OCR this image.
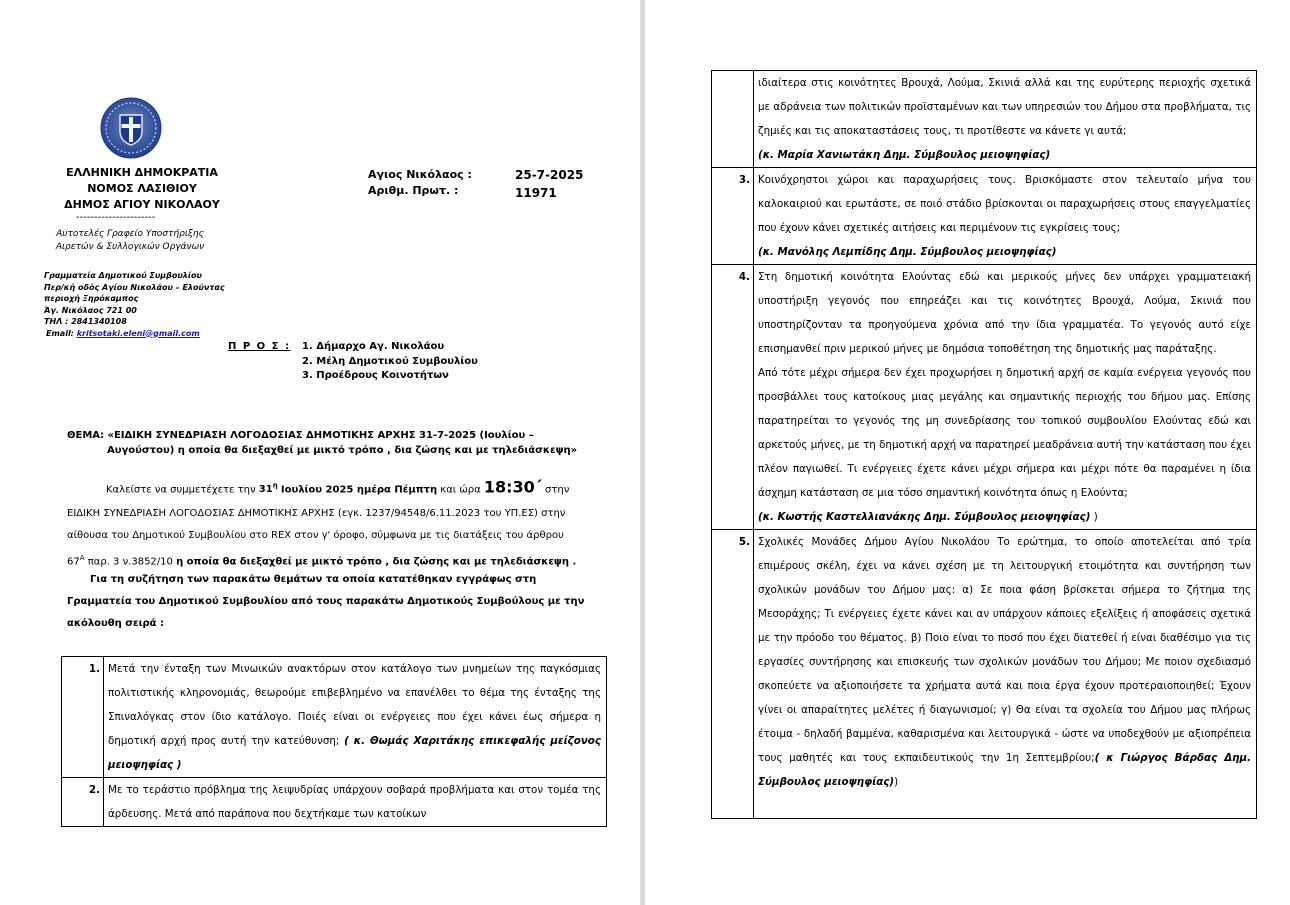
ΕΛΛΗΝΙΚΗ ΔΗΜΟΚΡΑΤΙΑ
ΝΟΜΟΣ ΛΑΣΙΘΙΟΥ
ΔΗΜΟΣ ΑΓΙΟΥ ΝΙΚΟΛΑΟΥ
----------------------
Αυτοτελές Γραφείο Υποστήριξης
Αιρετών & Συλλογικών Οργάνων
Γραμματεία Δημοτικού Συμβουλίου
Περ/κή οδός Αγίου Νικολάου – Ελούντας
περιοχή Ξηρόκαμπος
Άγ. Νικόλαος 721 00
ΤΗΛ : 2841340108
Email: kritsotaki.eleni@gmail.com
Αγιος Νικόλαος :	25-7-2025
Αριθμ. Πρωτ. :	11971
Π Ρ Ο Σ : 1. Δήμαρχο Αγ. Νικολάου
2. Μέλη Δημοτικού Συμβουλίου
3. Προέδρους Κοινοτήτων
ΘΕΜΑ: «ΕΙΔΙΚΗ ΣΥΝΕΔΡΙΑΣΗ ΛΟΓΟΔΟΣΙΑΣ ΔΗΜΟΤΙΚΗΣ ΑΡΧΗΣ 31-7-2025 (Ιουλίου –
Αυγούστου) η οποία θα διεξαχθεί με μικτό τρόπο , δια ζώσης και με τηλεδιάσκεψη»
Καλείστε να συμμετέχετε την $31^\eta$ Ιουλίου 2025 ημέρα Πέμπτη και ώρα 18:30΄ στην
ΕΙΔΙΚΗ ΣΥΝΕΔΡΙΑΣΗ ΛΟΓΟΔΟΣΙΑΣ ΔΗΜΟΤΙΚΗΣ ΑΡΧΗΣ (εγκ. 1237/94548/6.11.2023 του ΥΠ.ΕΣ) στην
αίθουσα του Δημοτικού Συμβουλίου στο REX στον γ' όροφο, σύμφωνα με τις διατάξεις του άρθρου
$67^A$ παρ. 3 ν.3852/10 η οποία θα διεξαχθεί με μικτό τρόπο , δια ζώσης και με τηλεδιάσκεψη .
Για τη συζήτηση των παρακάτω θεμάτων τα οποία κατατέθηκαν εγγράφως στη
Γραμματεία του Δημοτικού Συμβουλίου από τους παρακάτω Δημοτικούς Συμβούλους με την
ακόλουθη σειρά :
1.	Μετά την ένταξη των Μινωικών ανακτόρων στον κατάλογο των μνημείων της παγκόσμιας πολιτιστικής κληρονομιάς, θεωρούμε επιβεβλημένο να επανέλθει το θέμα της ένταξης της Σπιναλόγκας στον ίδιο κατάλογο. Ποιές είναι οι ενέργειες που έχει κάνει έως σήμερα η δημοτική αρχή προς αυτή την κατεύθυνση; ( κ. Θωμάς Χαριτάκης επικεφαλής μείζονος μειοψηφίας )
2.	Με το τεράστιο πρόβλημα της λειψυδρίας υπάρχουν σοβαρά προβλήματα και στον τομέα της άρδευσης. Μετά από παράπονα που δεχτήκαμε των κατοίκων
	ιδιαίτερα στις κοινότητες Βρουχά, Λούμα, Σκινιά αλλά και της ευρύτερης περιοχής σχετικά με αδράνεια των πολιτικών προϊσταμένων και των υπηρεσιών του Δήμου στα προβλήματα, τις ζημιές και τις αποκαταστάσεις τους, τι προτίθεστε να κάνετε γι αυτά;
(κ. Μαρία Χανιωτάκη Δημ. Σύμβουλος μειοψηφίας)
3.	Κοινόχρηστοι χώροι και παραχωρήσεις τους. Βρισκόμαστε στον τελευταίο μήνα του καλοκαιριού και ερωτάστε, σε ποιό στάδιο βρίσκονται οι παραχωρήσεις στους επαγγελματίες που έχουν κάνει σχετικές αιτήσεις και περιμένουν τις εγκρίσεις τους;
(κ. Μανόλης Λεμπίδης Δημ. Σύμβουλος μειοψηφίας)
4.	Στη δημοτική κοινότητα Ελούντας εδώ και μερικούς μήνες δεν υπάρχει γραμματειακή υποστήριξη γεγονός που επηρεάζει και τις κοινότητες Βρουχά, Λούμα, Σκινιά που υποστηρίζονταν τα προηγούμενα χρόνια από την ίδια γραμματέα. Το γεγονός αυτό είχε επισημανθεί πριν μερικού μήνες με δημόσια τοποθέτηση της δημοτικής μας παράταξης.
Από τότε μέχρι σήμερα δεν έχει προχωρήσει η δημοτική αρχή σε καμία ενέργεια γεγονός που προσβάλλει τους κατοίκους μιας μεγάλης και σημαντικής περιοχής του δήμου μας. Επίσης παρατηρείται το γεγονός της μη συνεδρίασης του τοπικού συμβουλίου Ελούντας εδώ και αρκετούς μήνες, με τη δημοτική αρχή να παρατηρεί μεαδράνεια αυτή την κατάσταση που έχει πλέον παγιωθεί. Τι ενέργειες έχετε κάνει μέχρι σήμερα και μέχρι πότε θα παραμένει η ίδια άσχημη κατάσταση σε μια τόσο σημαντική κοινότητα όπως η Ελούντα;
(κ. Κωστής Καστελλιανάκης Δημ. Σύμβουλος μειοψηφίας) )
5.	Σχολικές Μονάδες Δήμου Αγίου Νικολάου Το ερώτημα, το οποίο αποτελείται από τρία επιμέρους σκέλη, έχει να κάνει σχέση με τη λειτουργική ετοιμότητα και συντήρηση των σχολικών μονάδων του Δήμου μας: α) Σε ποια φάση βρίσκεται σήμερα το ζήτημα της Μεσοράχης; Τι ενέργειες έχετε κάνει και αν υπάρχουν κάποιες εξελίξεις ή αποφάσεις σχετικά με την πρόοδο του θέματος. β) Ποιο είναι το ποσό που έχει διατεθεί ή είναι διαθέσιμο για τις εργασίες συντήρησης και επισκευής των σχολικών μονάδων του Δήμου; Με ποιον σχεδιασμό σκοπεύετε να αξιοποιήσετε τα χρήματα αυτά και ποια έργα έχουν προτεραιοποιηθεί; Έχουν γίνει οι απαραίτητες μελέτες ή διαγωνισμοί; γ) Θα είναι τα σχολεία του Δήμου μας πλήρως έτοιμα - δηλαδή βαμμένα, καθαρισμένα και λειτουργικά - ώστε να υποδεχθούν με αξιοπρέπεια τους μαθητές και τους εκπαιδευτικούς την 1η Σεπτεμβρίου;( κ Γιώργος Βάρδας Δημ. Σύμβουλος μειοψηφίας))
